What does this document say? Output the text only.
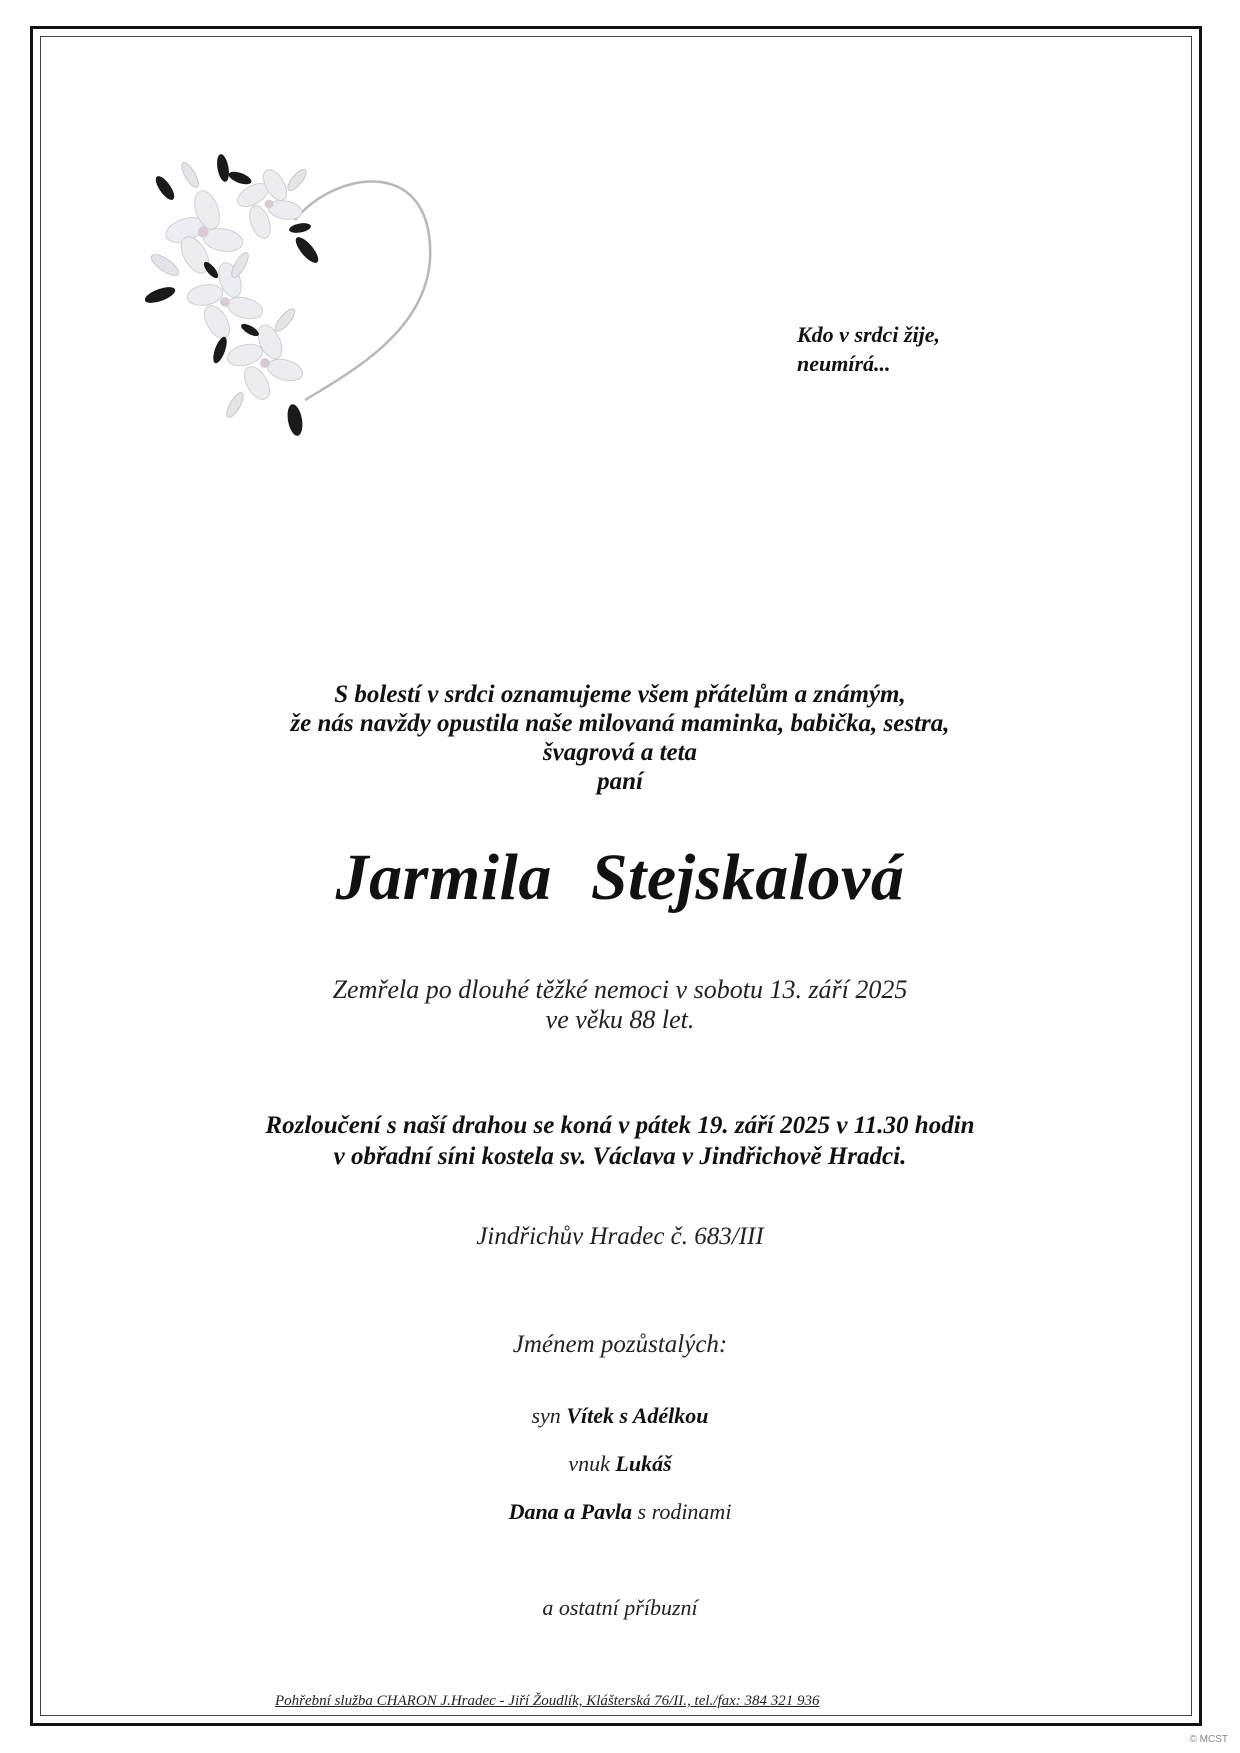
Kdo v srdci žije,
neumírá...
S bolestí v srdci oznamujeme všem přátelům a známým,
že nás navždy opustila naše milovaná maminka, babička, sestra,
švagrová a teta
paní
Jarmila Stejskalová
Zemřela po dlouhé těžké nemoci v sobotu 13. září 2025
ve věku 88 let.
Rozloučení s naší drahou se koná v pátek 19. září 2025 v 11.30 hodin
v obřadní síni kostela sv. Václava v Jindřichově Hradci.
Jindřichův Hradec č. 683/III
Jménem pozůstalých:
syn Vítek s Adélkou
vnuk Lukáš
Dana a Pavla s rodinami
a ostatní příbuzní
Pohřební služba CHARON J.Hradec - Jiří Žoudlík, Klášterská 76/II., tel./fax: 384 321 936
© MCST
